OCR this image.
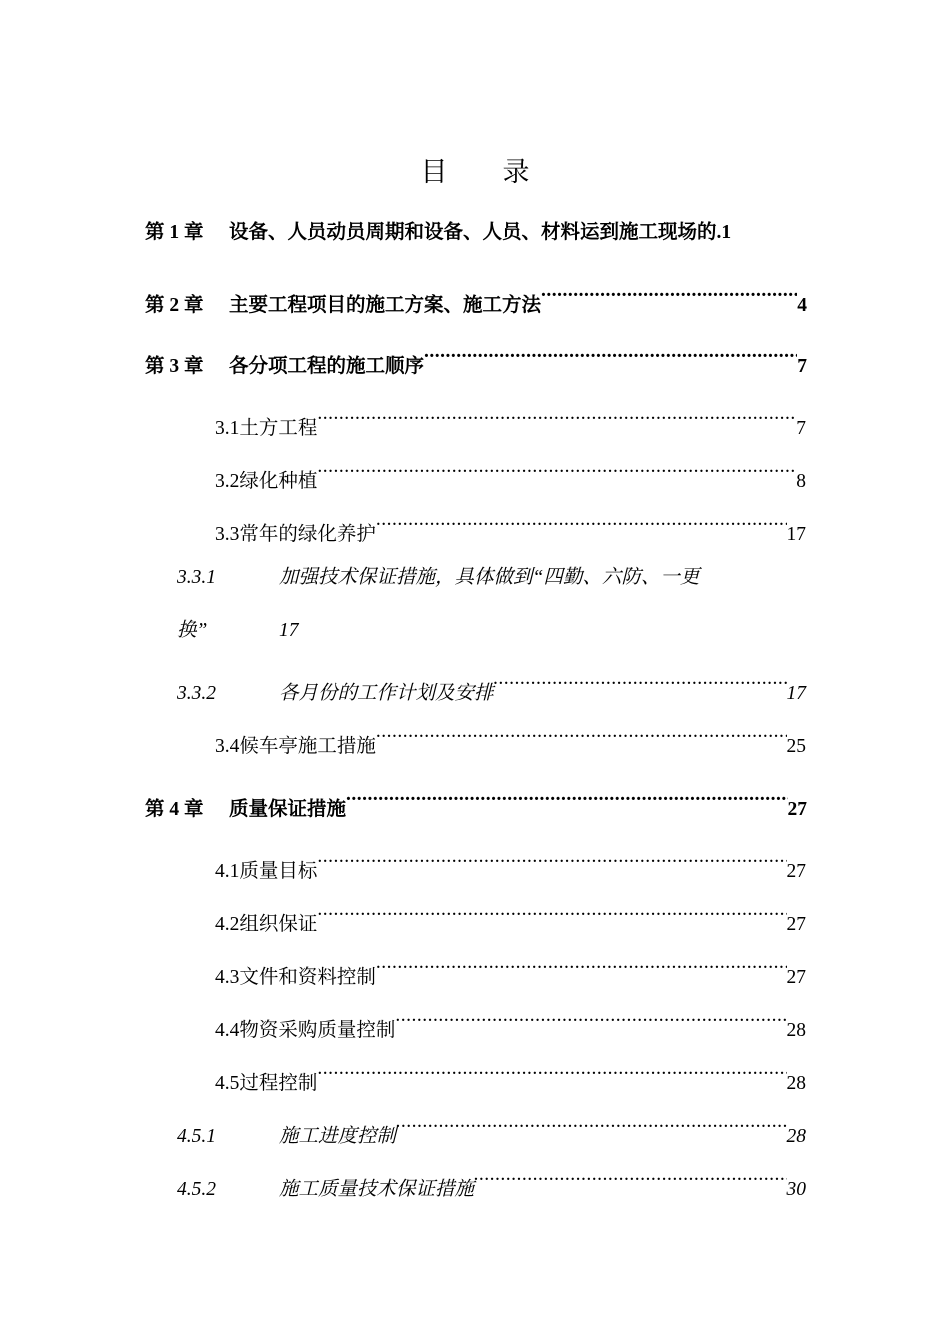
目 录
第 1 章	设备、人员动员周期和设备、人员、材料运到施工现场的. 1
第 2 章	主要工程项目的施工方案、施工方法 .....	4
第 3 章	各分项工程的施工顺序 .....	7
3.1土方工程 .....	7
3.2绿化种植 .....	8
3.3常年的绿化养护 .....	17
3.3.1	加强技术保证措施，具体做到“四勤、六防、一更
换”	17
3.3.2	各月份的工作计划及安排 .....	17
3.4候车亭施工措施 .....	25
第 4 章	质量保证措施 .....	27
4.1质量目标 .....	27
4.2组织保证 .....	27
4.3文件和资料控制 .....	27
4.4物资采购质量控制 .....	28
4.5过程控制 .....	28
4.5.1	施工进度控制 .....	28
4.5.2	施工质量技术保证措施 .....	30
